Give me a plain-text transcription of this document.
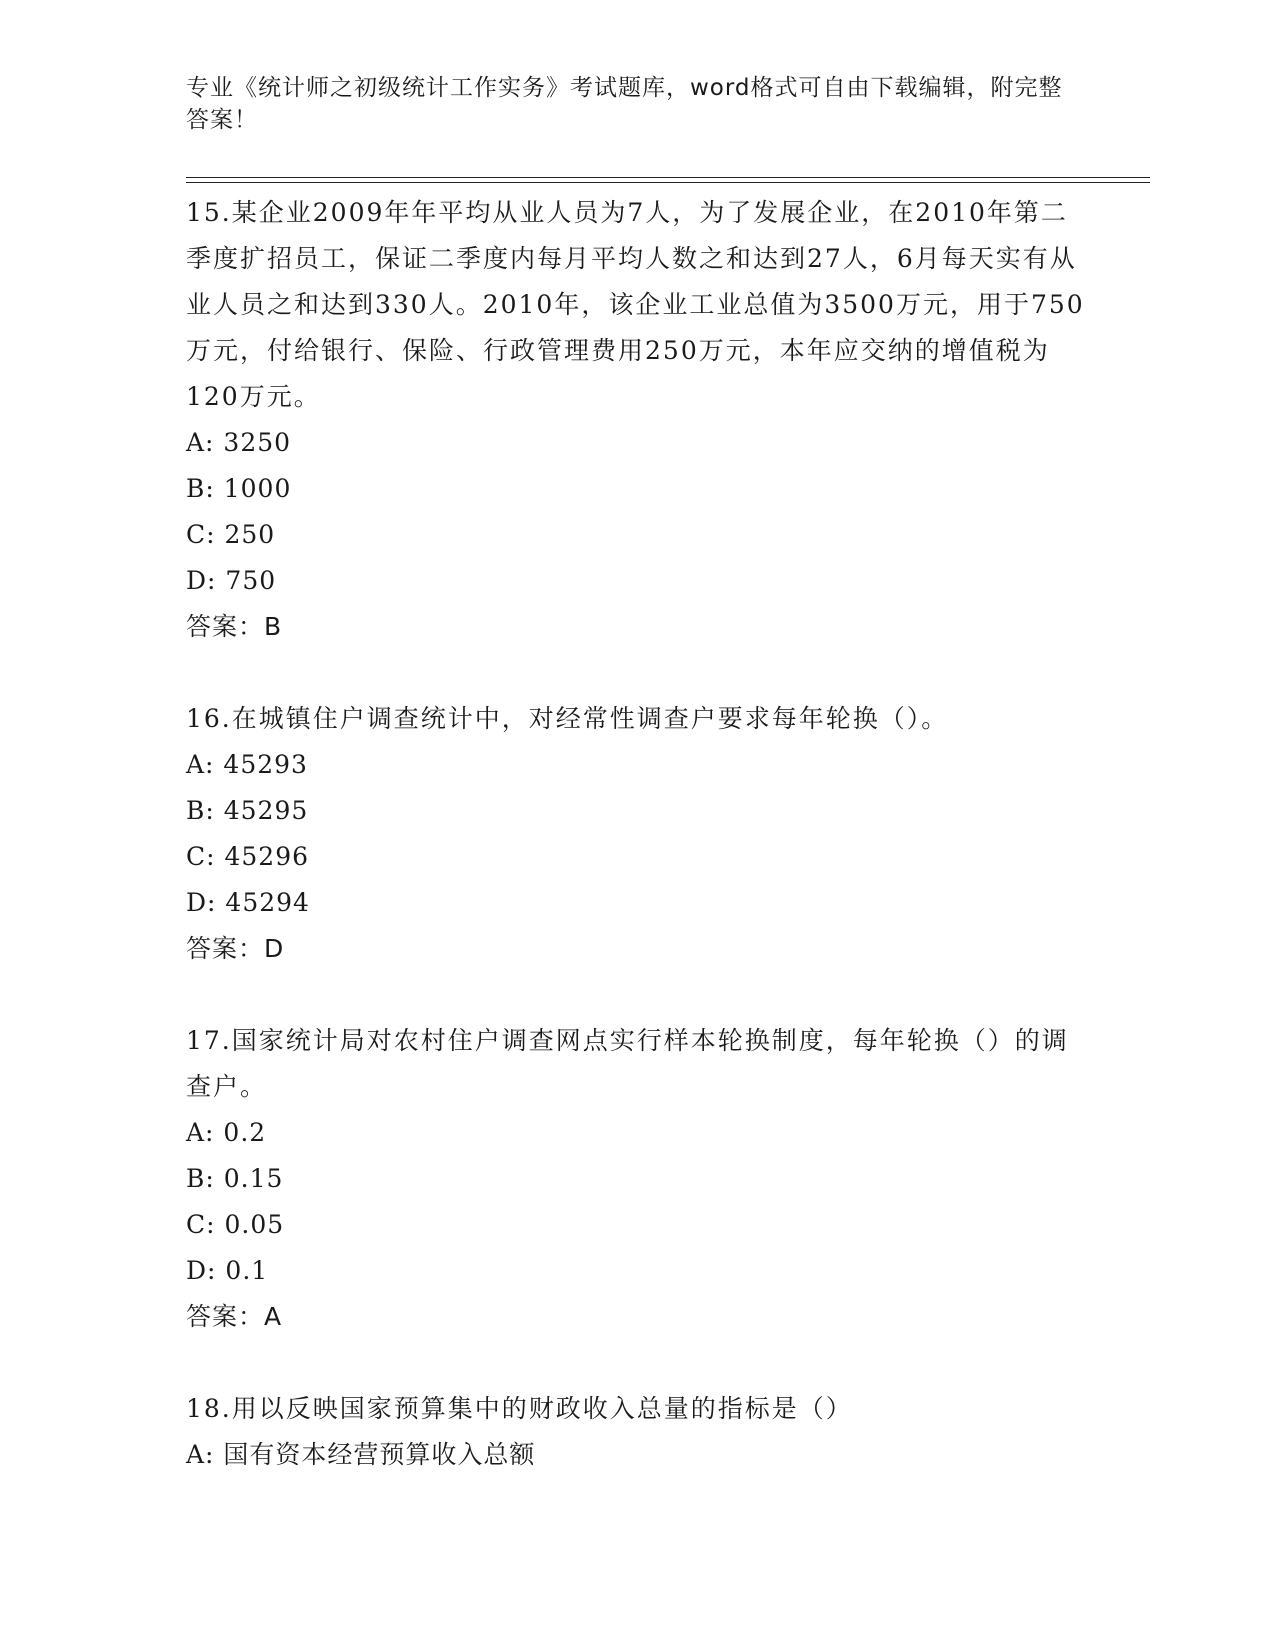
专业《统计师之初级统计工作实务》考试题库，word格式可自由下载编辑，附完整答案！

15.某企业2009年年平均从业人员为7人，为了发展企业，在2010年第二季度扩招员工，保证二季度内每月平均人数之和达到27人，6月每天实有从业人员之和达到330人。2010年，该企业工业总值为3500万元，用于750万元，付给银行、保险、行政管理费用250万元，本年应交纳的增值税为120万元。

A: 3250

B: 1000

C: 250

D: 750

答案：B

16.在城镇住户调查统计中，对经常性调查户要求每年轮换（）。

A: 45293

B: 45295

C: 45296

D: 45294

答案：D

17.国家统计局对农村住户调查网点实行样本轮换制度，每年轮换（）的调查户。

A: 0.2

B: 0.15

C: 0.05

D: 0.1

答案：A

18.用以反映国家预算集中的财政收入总量的指标是（）

A: 国有资本经营预算收入总额
